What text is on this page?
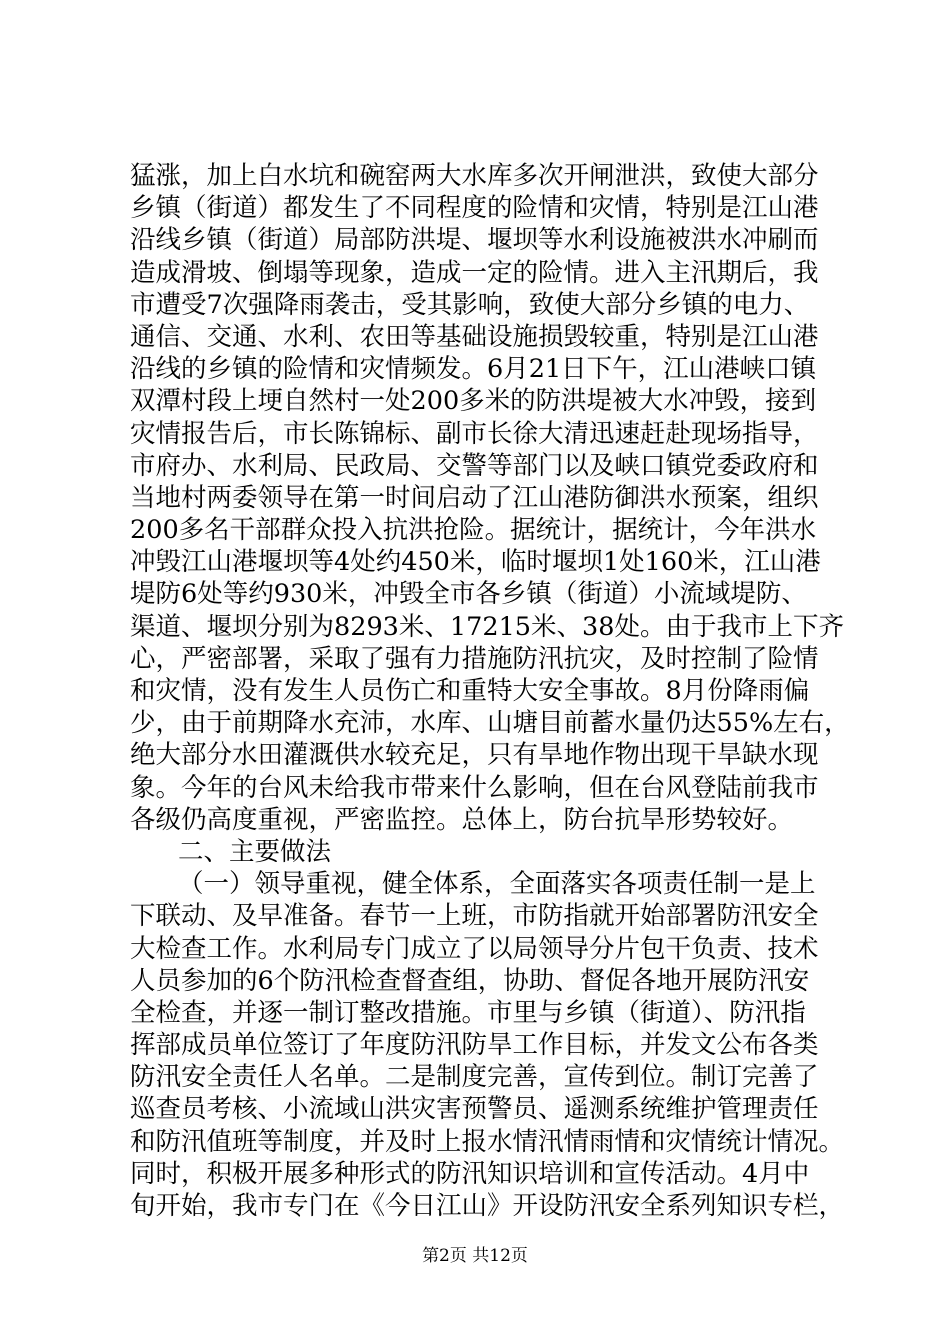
猛涨，加上白水坑和碗窑两大水库多次开闸泄洪，致使大部分
乡镇（街道）都发生了不同程度的险情和灾情，特别是江山港
沿线乡镇（街道）局部防洪堤、堰坝等水利设施被洪水冲刷而
造成滑坡、倒塌等现象，造成一定的险情。进入主汛期后，我
市遭受7次强降雨袭击，受其影响，致使大部分乡镇的电力、
通信、交通、水利、农田等基础设施损毁较重，特别是江山港
沿线的乡镇的险情和灾情频发。6月21日下午，江山港峡口镇
双潭村段上埂自然村一处200多米的防洪堤被大水冲毁，接到
灾情报告后，市长陈锦标、副市长徐大清迅速赶赴现场指导，
市府办、水利局、民政局、交警等部门以及峡口镇党委政府和
当地村两委领导在第一时间启动了江山港防御洪水预案，组织
200多名干部群众投入抗洪抢险。据统计，据统计，今年洪水
冲毁江山港堰坝等4处约450米，临时堰坝1处160米，江山港
堤防6处等约930米，冲毁全市各乡镇（街道）小流域堤防、
渠道、堰坝分别为8293米、17215米、38处。由于我市上下齐
心，严密部署，采取了强有力措施防汛抗灾，及时控制了险情
和灾情，没有发生人员伤亡和重特大安全事故。8月份降雨偏
少，由于前期降水充沛，水库、山塘目前蓄水量仍达55%左右，
绝大部分水田灌溉供水较充足，只有旱地作物出现干旱缺水现
象。今年的台风未给我市带来什么影响，但在台风登陆前我市
各级仍高度重视，严密监控。总体上，防台抗旱形势较好。
二、主要做法
（一）领导重视，健全体系，全面落实各项责任制一是上
下联动、及早准备。春节一上班，市防指就开始部署防汛安全
大检查工作。水利局专门成立了以局领导分片包干负责、技术
人员参加的6个防汛检查督查组，协助、督促各地开展防汛安
全检查，并逐一制订整改措施。市里与乡镇（街道）、防汛指
挥部成员单位签订了年度防汛防旱工作目标，并发文公布各类
防汛安全责任人名单。二是制度完善，宣传到位。制订完善了
巡查员考核、小流域山洪灾害预警员、遥测系统维护管理责任
和防汛值班等制度，并及时上报水情汛情雨情和灾情统计情况。
同时，积极开展多种形式的防汛知识培训和宣传活动。4月中
旬开始，我市专门在《今日江山》开设防汛安全系列知识专栏，
第2页 共12页
